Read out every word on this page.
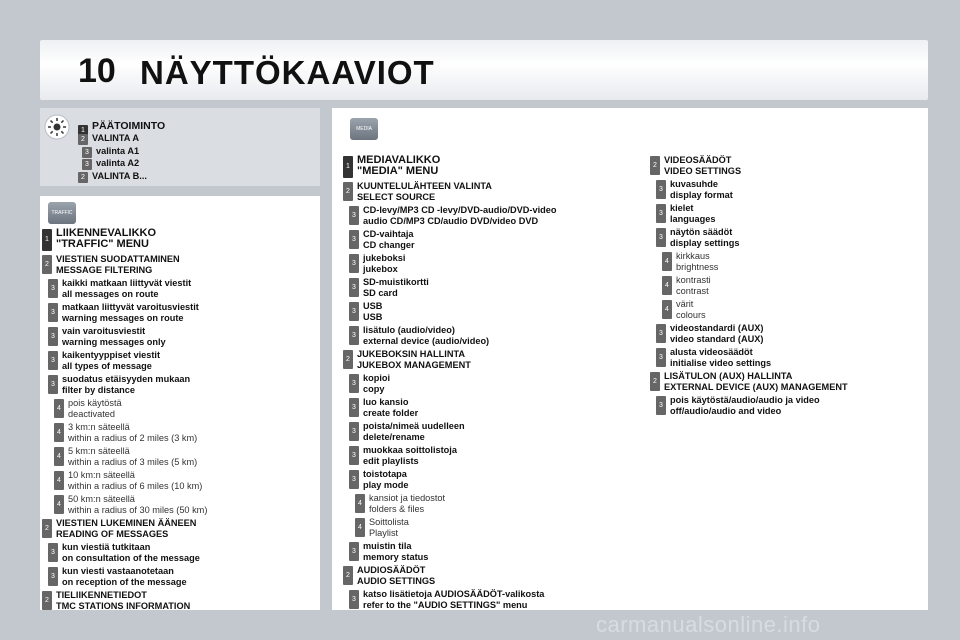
10 NÄYTTÖKAAVIOT
TRAFFIC
MEDIA
PÄÄTOIMINTO
1
2 VALINTA A
3 valinta A1
3 valinta A2
2 VALINTA B...
1
LIIKENNEVALIKKO
"TRAFFIC" MENU
2
VIESTIEN SUODATTAMINEN
MESSAGE FILTERING
3
kaikki matkaan liittyvät viestit
all messages on route
3
matkaan liittyvät varoitusviestit
warning messages on route
3
vain varoitusviestit
warning messages only
3
kaikentyyppiset viestit
all types of message
3
suodatus etäisyyden mukaan
filter by distance
4
pois käytöstä
deactivated
4
3 km:n säteellä
within a radius of 2 miles (3 km)
4
5 km:n säteellä
within a radius of 3 miles (5 km)
4
10 km:n säteellä
within a radius of 6 miles (10 km)
4
50 km:n säteellä
within a radius of 30 miles (50 km)
2
VIESTIEN LUKEMINEN ÄÄNEEN
READING OF MESSAGES
3
kun viestiä tutkitaan
on consultation of the message
3
kun viesti vastaanotetaan
on reception of the message
2
TIELIIKENNETIEDOT
TMC STATIONS INFORMATION
1
MEDIAVALIKKO
"MEDIA" MENU
2
KUUNTELULÄHTEEN VALINTA
SELECT SOURCE
3
CD-levy/MP3 CD -levy/DVD-audio/DVD-video
audio CD/MP3 CD/audio DVD/video DVD
3
CD-vaihtaja
CD changer
3
jukeboksi
jukebox
3
SD-muistikortti
SD card
3
USB
USB
3
lisätulo (audio/video)
external device (audio/video)
2
JUKEBOKSIN HALLINTA
JUKEBOX MANAGEMENT
3
kopioi
copy
3
luo kansio
create folder
3
poista/nimeä uudelleen
delete/rename
3
muokkaa soittolistoja
edit playlists
3
toistotapa
play mode
4
kansiot ja tiedostot
folders & files
4
Soittolista
Playlist
3
muistin tila
memory status
2
AUDIOSÄÄDÖT
AUDIO SETTINGS
3
katso lisätietoja AUDIOSÄÄDÖT-valikosta
refer to the "AUDIO SETTINGS" menu
2
VIDEOSÄÄDÖT
VIDEO SETTINGS
3
kuvasuhde
display format
3
kielet
languages
3
näytön säädöt
display settings
4
kirkkaus
brightness
4
kontrasti
contrast
4
värit
colours
3
videostandardi (AUX)
video standard (AUX)
3
alusta videosäädöt
initialise video settings
2
LISÄTULON (AUX) HALLINTA
EXTERNAL DEVICE (AUX) MANAGEMENT
3
pois käytöstä/audio/audio ja video
off/audio/audio and video
carmanualsonline.info
